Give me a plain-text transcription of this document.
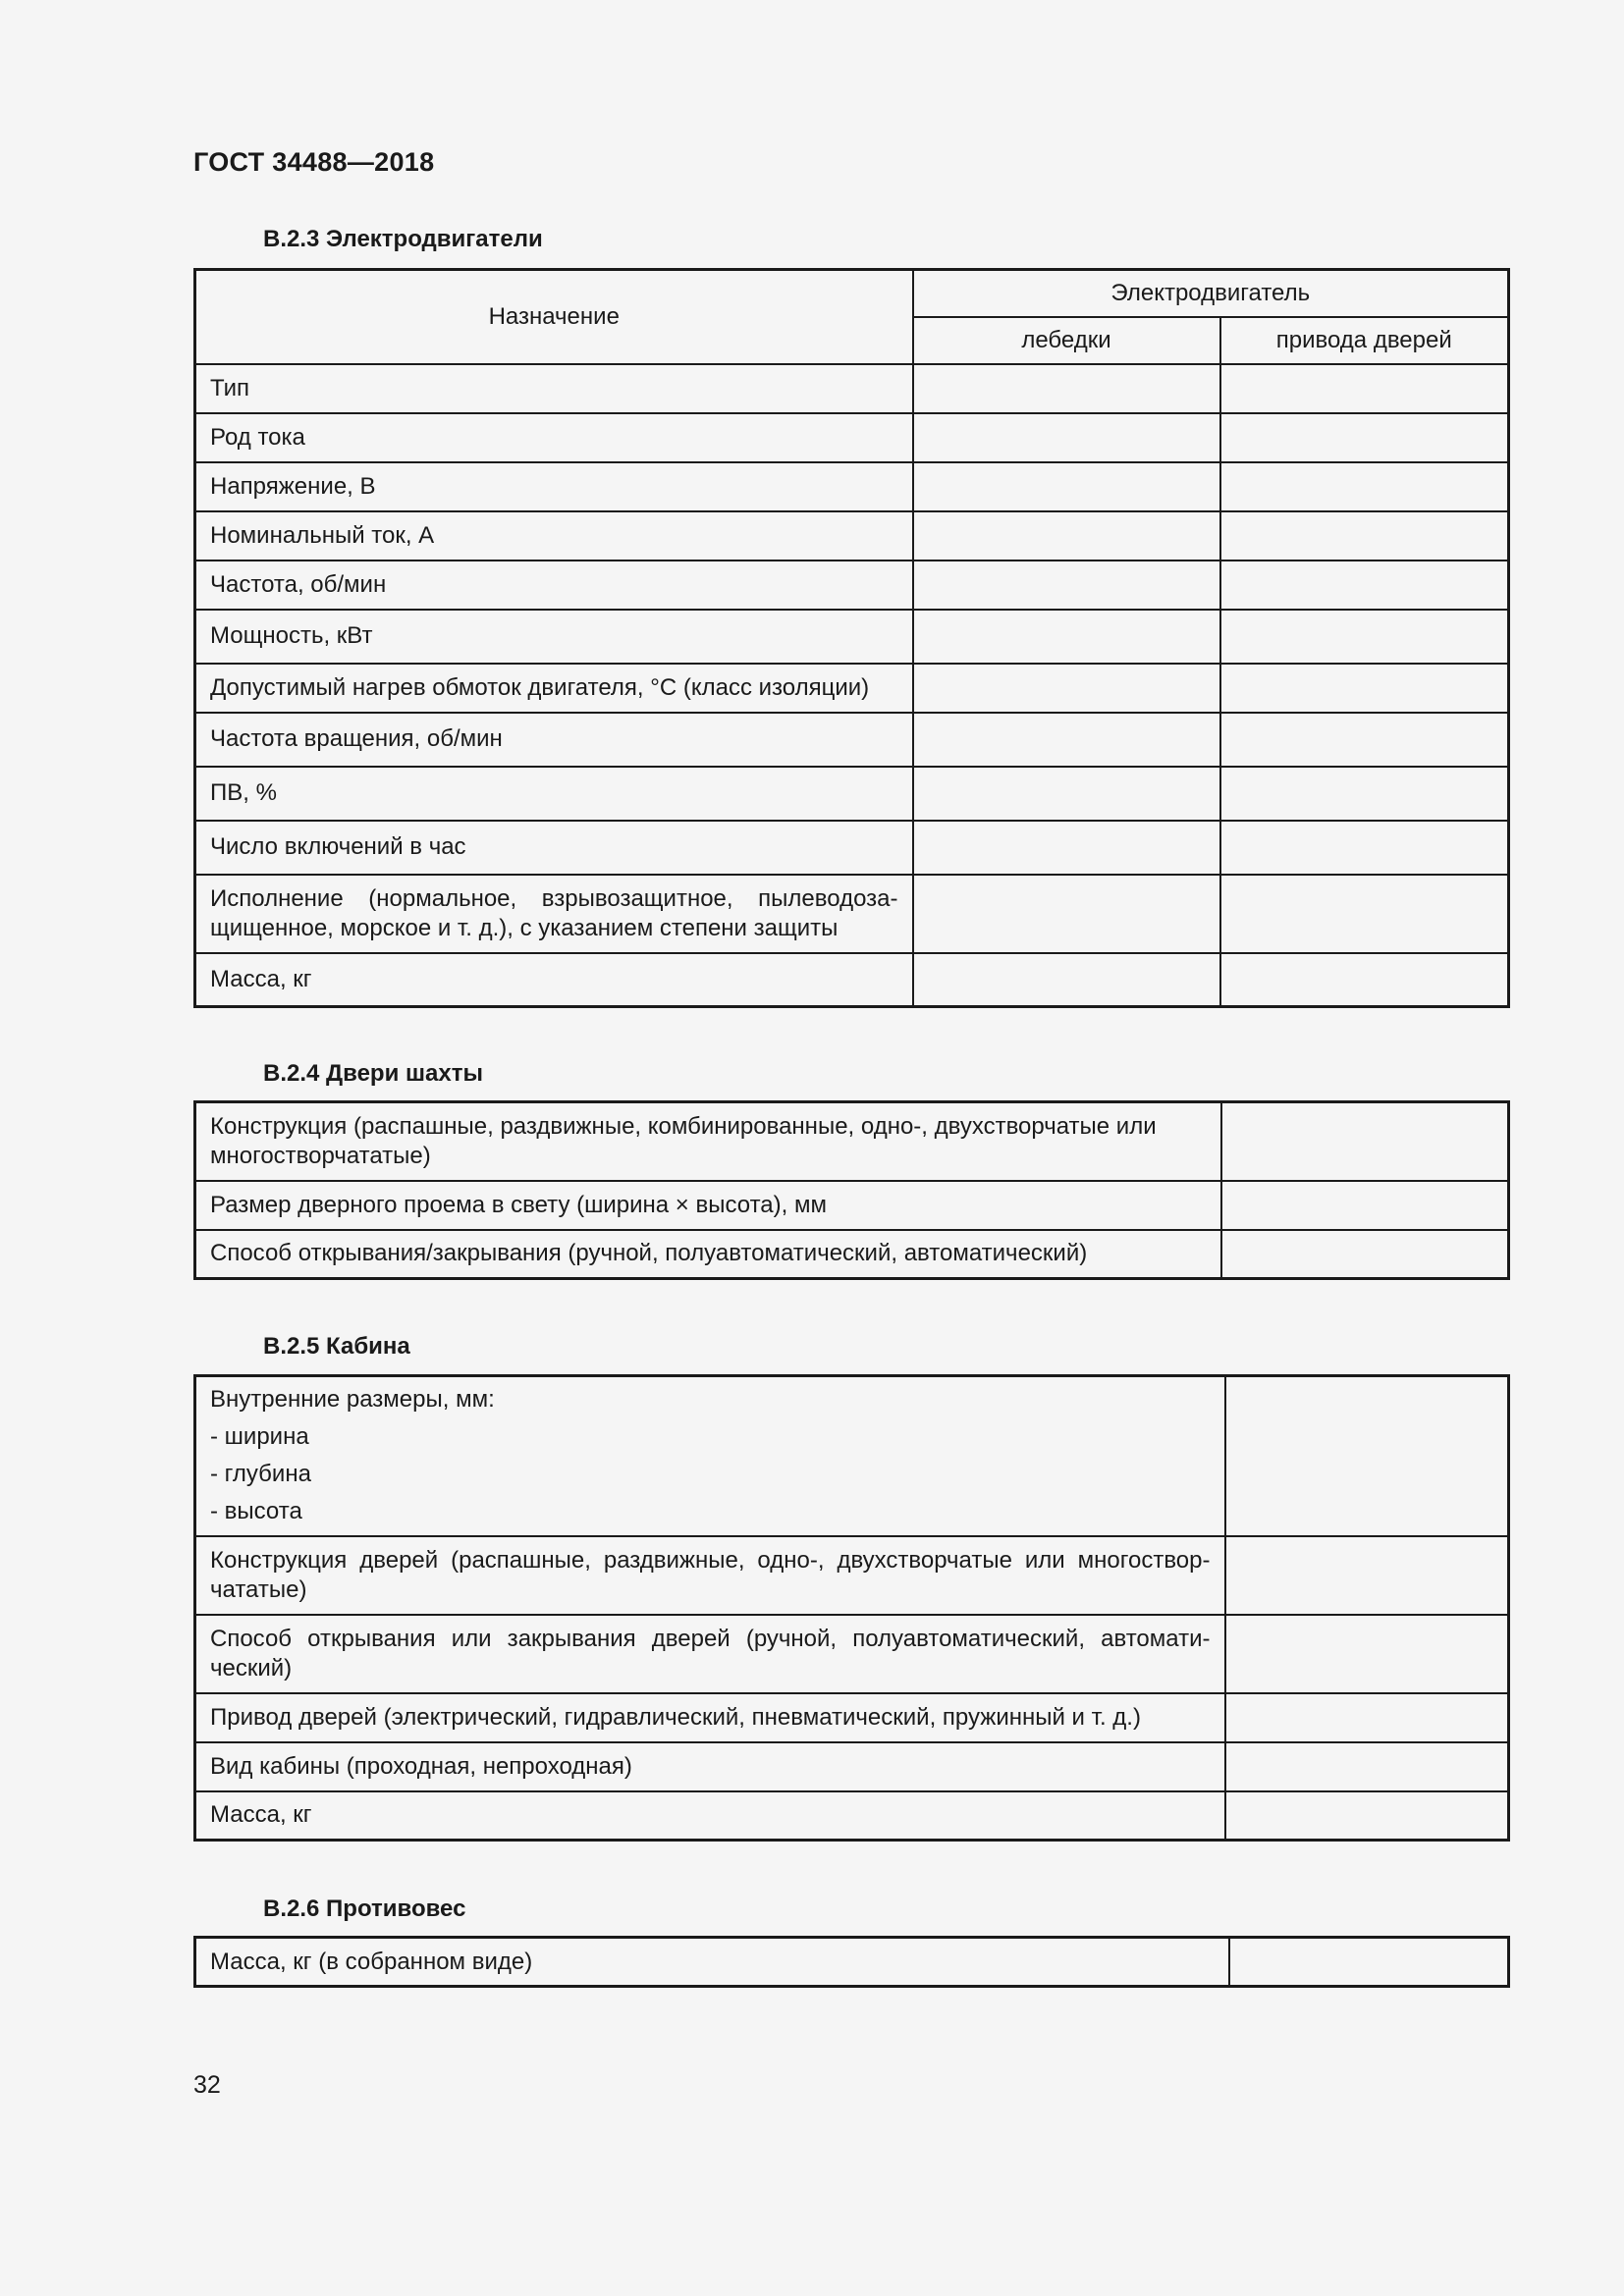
ГОСТ 34488—2018
В.2.3 Электродвигатели
Назначение	Электродвигатель	
	лебедки	привода дверей
Тип		
Род тока		
Напряжение, В		
Номинальный ток, А		
Частота, об/мин		
Мощность, кВт		
Допустимый нагрев обмоток двигателя, °С (класс изоляции)		
Частота вращения, об/мин		
ПВ, %		
Число включений в час		
Исполнение (нормальное, взрывозащитное, пылеводозащищенное, морское и т. д.), с указанием степени защиты		
Масса, кг		
В.2.4 Двери шахты
Конструкция (распашные, раздвижные, комбинированные, одно-, двухстворчатые или многостворчататые)	
Размер дверного проема в свету (ширина × высота), мм	
Способ открывания/закрывания (ручной, полуавтоматический, автоматический)	
В.2.5 Кабина
Внутренние размеры, мм:
- ширина
- глубина
- высота	

Конструкция дверей (распашные, раздвижные, одно-, двухстворчатые или многостворчататые)	
Способ открывания или закрывания дверей (ручной, полуавтоматический, автоматический)	
Привод дверей (электрический, гидравлический, пневматический, пружинный и т. д.)	
Вид кабины (проходная, непроходная)	
Масса, кг	
В.2.6 Противовес
Масса, кг (в собранном виде)	
32
